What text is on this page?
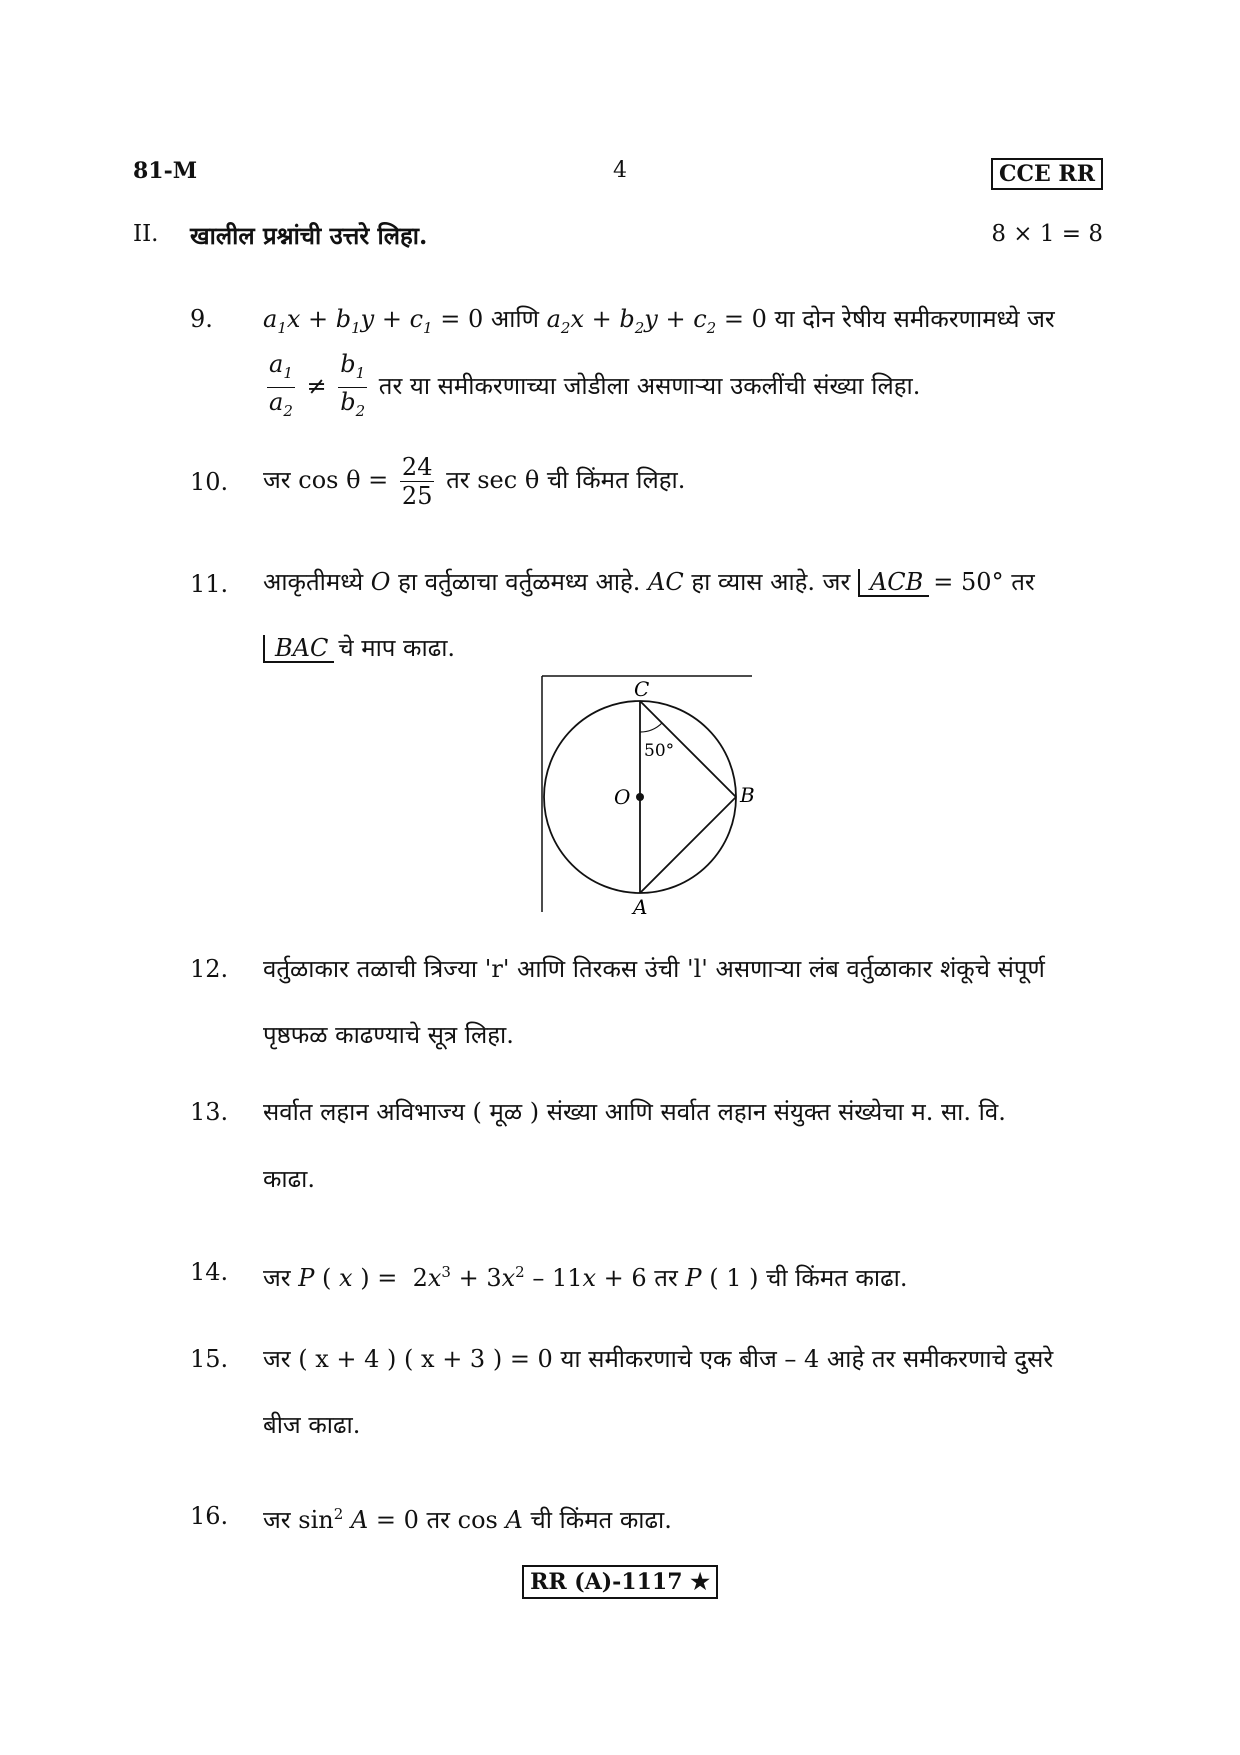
81-M	4	CCE RR
II. खालील प्रश्नांची उत्तरे लिहा.	8 × 1 = 8
9. $a_1x + b_1y + c_1 = 0$ आणि $a_2x + b_2y + c_2 = 0$ या दोन रेषीय समीकरणामध्ये जर
$\frac{a_1}{a_2} \ne \frac{b_1}{b_2}$ तर या समीकरणाच्या जोडीला असणाऱ्या उकलींची संख्या लिहा.
10. जर $\cos \theta = \frac{24}{25}$ तर sec θ ची किंमत लिहा.
11. आकृतीमध्ये O हा वर्तुळाचा वर्तुळमध्य आहे. AC हा व्यास आहे. जर ACB = 50° तर
BAC चे माप काढा.
C
O	B
A
50°
12. वर्तुळाकार तळाची त्रिज्या 'r' आणि तिरकस उंची 'l' असणाऱ्या लंब वर्तुळाकार शंकूचे संपूर्ण
पृष्ठफळ काढण्याचे सूत्र लिहा.
13. सर्वात लहान अविभाज्य ( मूळ ) संख्या आणि सर्वात लहान संयुक्त संख्येचा म. सा. वि.
काढा.
14. जर P ( x ) =  $2x^3 + 3x^2 - 11x + 6$ तर P ( 1 ) ची किंमत काढा.
15. जर ( x + 4 ) ( x + 3 ) = 0 या समीकरणाचे एक बीज – 4 आहे तर समीकरणाचे दुसरे
बीज काढा.
16. जर $\sin^2 A = 0$ तर cos A ची किंमत काढा.
RR (A)-1117 ★
